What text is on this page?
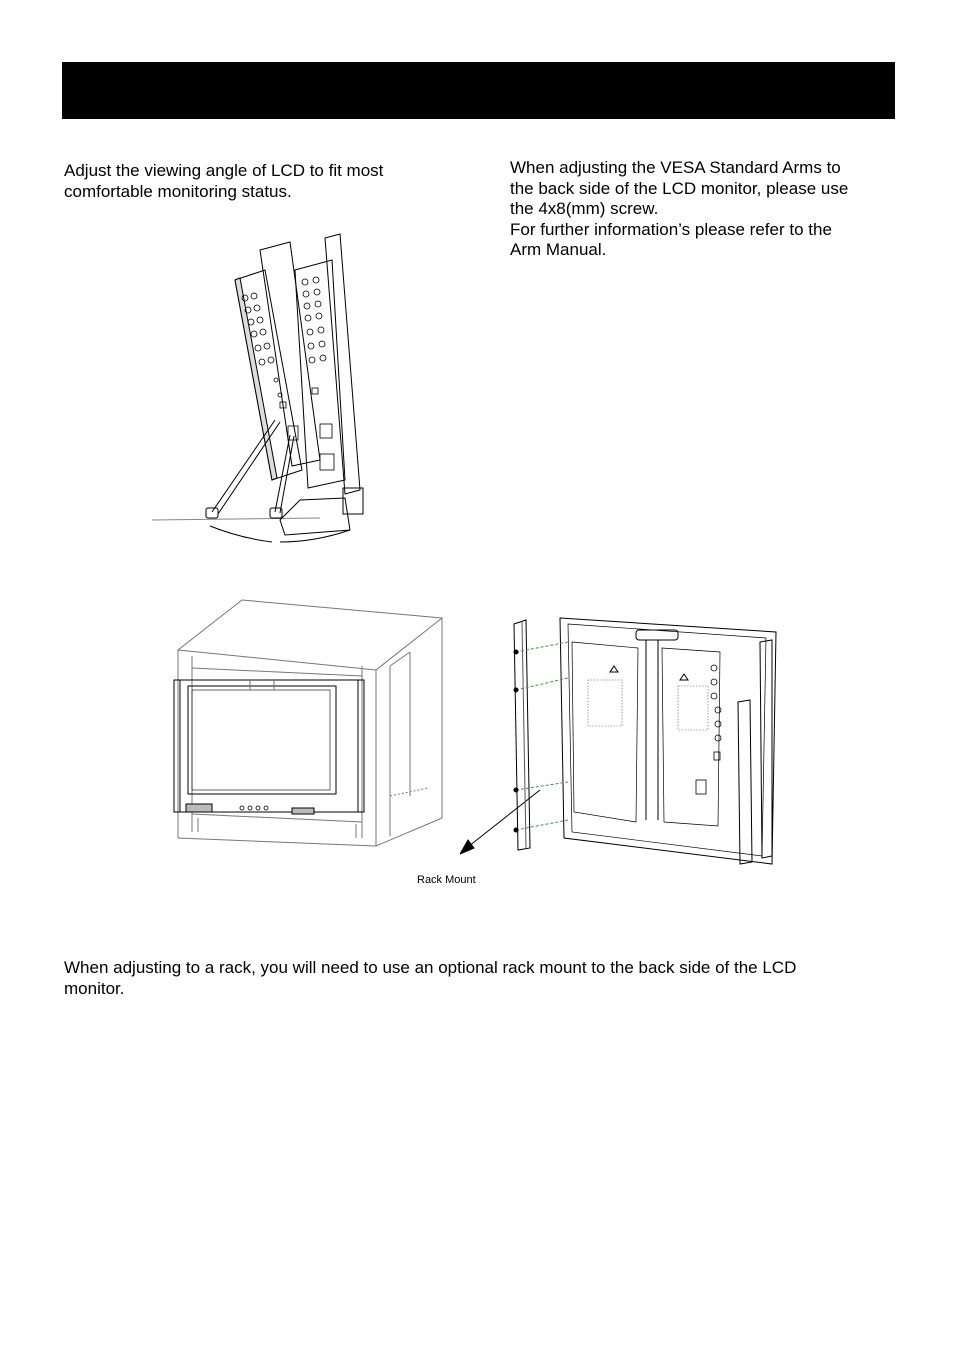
Adjust the viewing angle of LCD to fit most
comfortable monitoring status.

When adjusting the VESA Standard Arms to
the back side of the LCD monitor, please use
the 4x8(mm) screw.
For further information’s please refer to the
Arm Manual.

Rack Mount

When adjusting to a rack, you will need to use an optional rack mount to the back side of the LCD
monitor.
